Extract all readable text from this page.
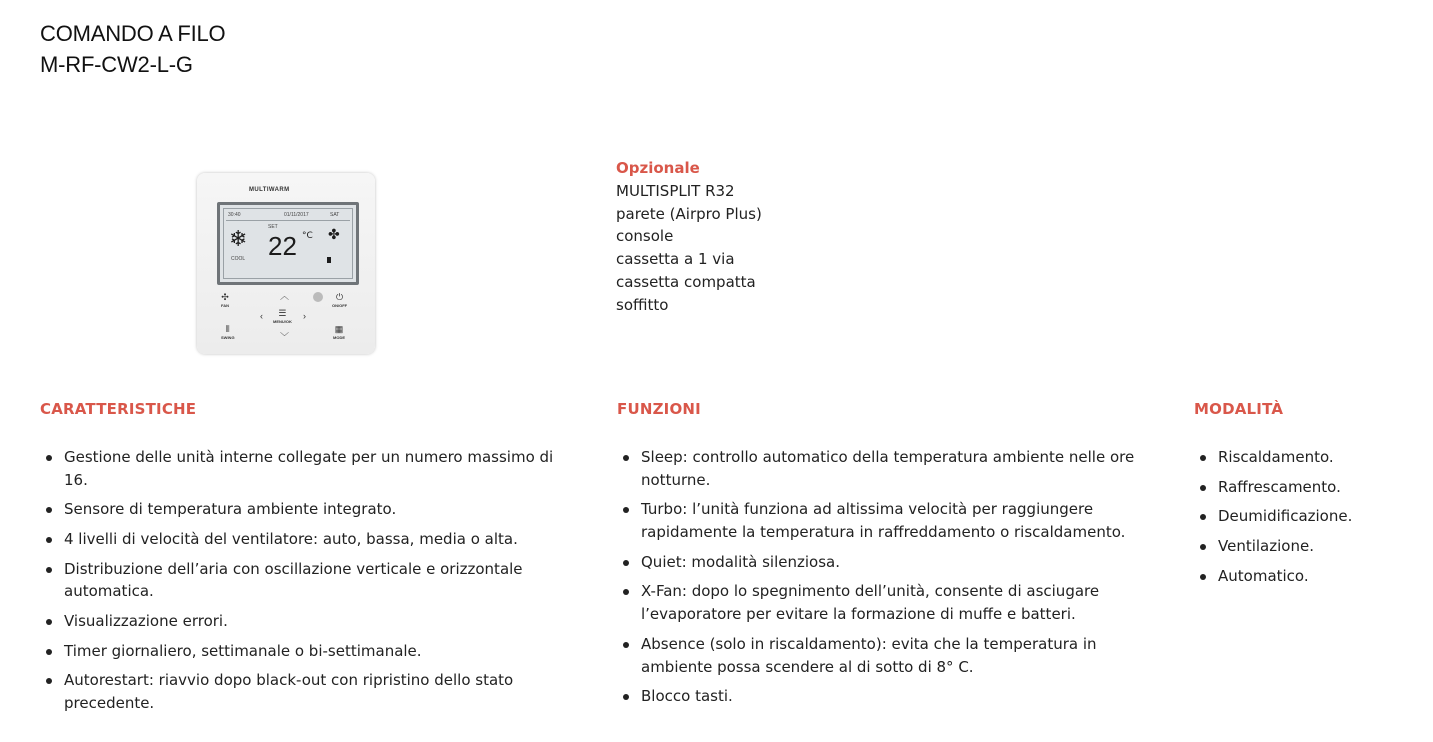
COMANDO A FILO
M-RF-CW2-L-G
MULTIWARM
30:40	01/11/2017	SAT
❄
COOL
SET
22 °C ✤
✣
FAN
︿	⏻
ON/OFF
‹	☰
MENU/OK
›
⫴
SWING	﹀
▦
MODE
Opzionale
MULTISPLIT R32
parete (Airpro Plus)
console
cassetta a 1 via
cassetta compatta
soffitto
CARATTERISTICHE
Gestione delle unità interne collegate per un numero massimo di 16.
Sensore di temperatura ambiente integrato.
4 livelli di velocità del ventilatore: auto, bassa, media o alta.
Distribuzione dell’aria con oscillazione verticale e orizzontale automatica.
Visualizzazione errori.
Timer giornaliero, settimanale o bi-settimanale.
Autorestart: riavvio dopo black-out con ripristino dello stato precedente.
FUNZIONI
Sleep: controllo automatico della temperatura ambiente nelle ore notturne.
Turbo: l’unità funziona ad altissima velocità per raggiungere rapidamente la temperatura in raffreddamento o riscaldamento.
Quiet: modalità silenziosa.
X-Fan: dopo lo spegnimento dell’unità, consente di asciugare l’evaporatore per evitare la formazione di muffe e batteri.
Absence (solo in riscaldamento): evita che la temperatura in ambiente possa scendere al di sotto di 8° C.
Blocco tasti.
MODALITÀ
Riscaldamento.
Raffrescamento.
Deumidificazione.
Ventilazione.
Automatico.
